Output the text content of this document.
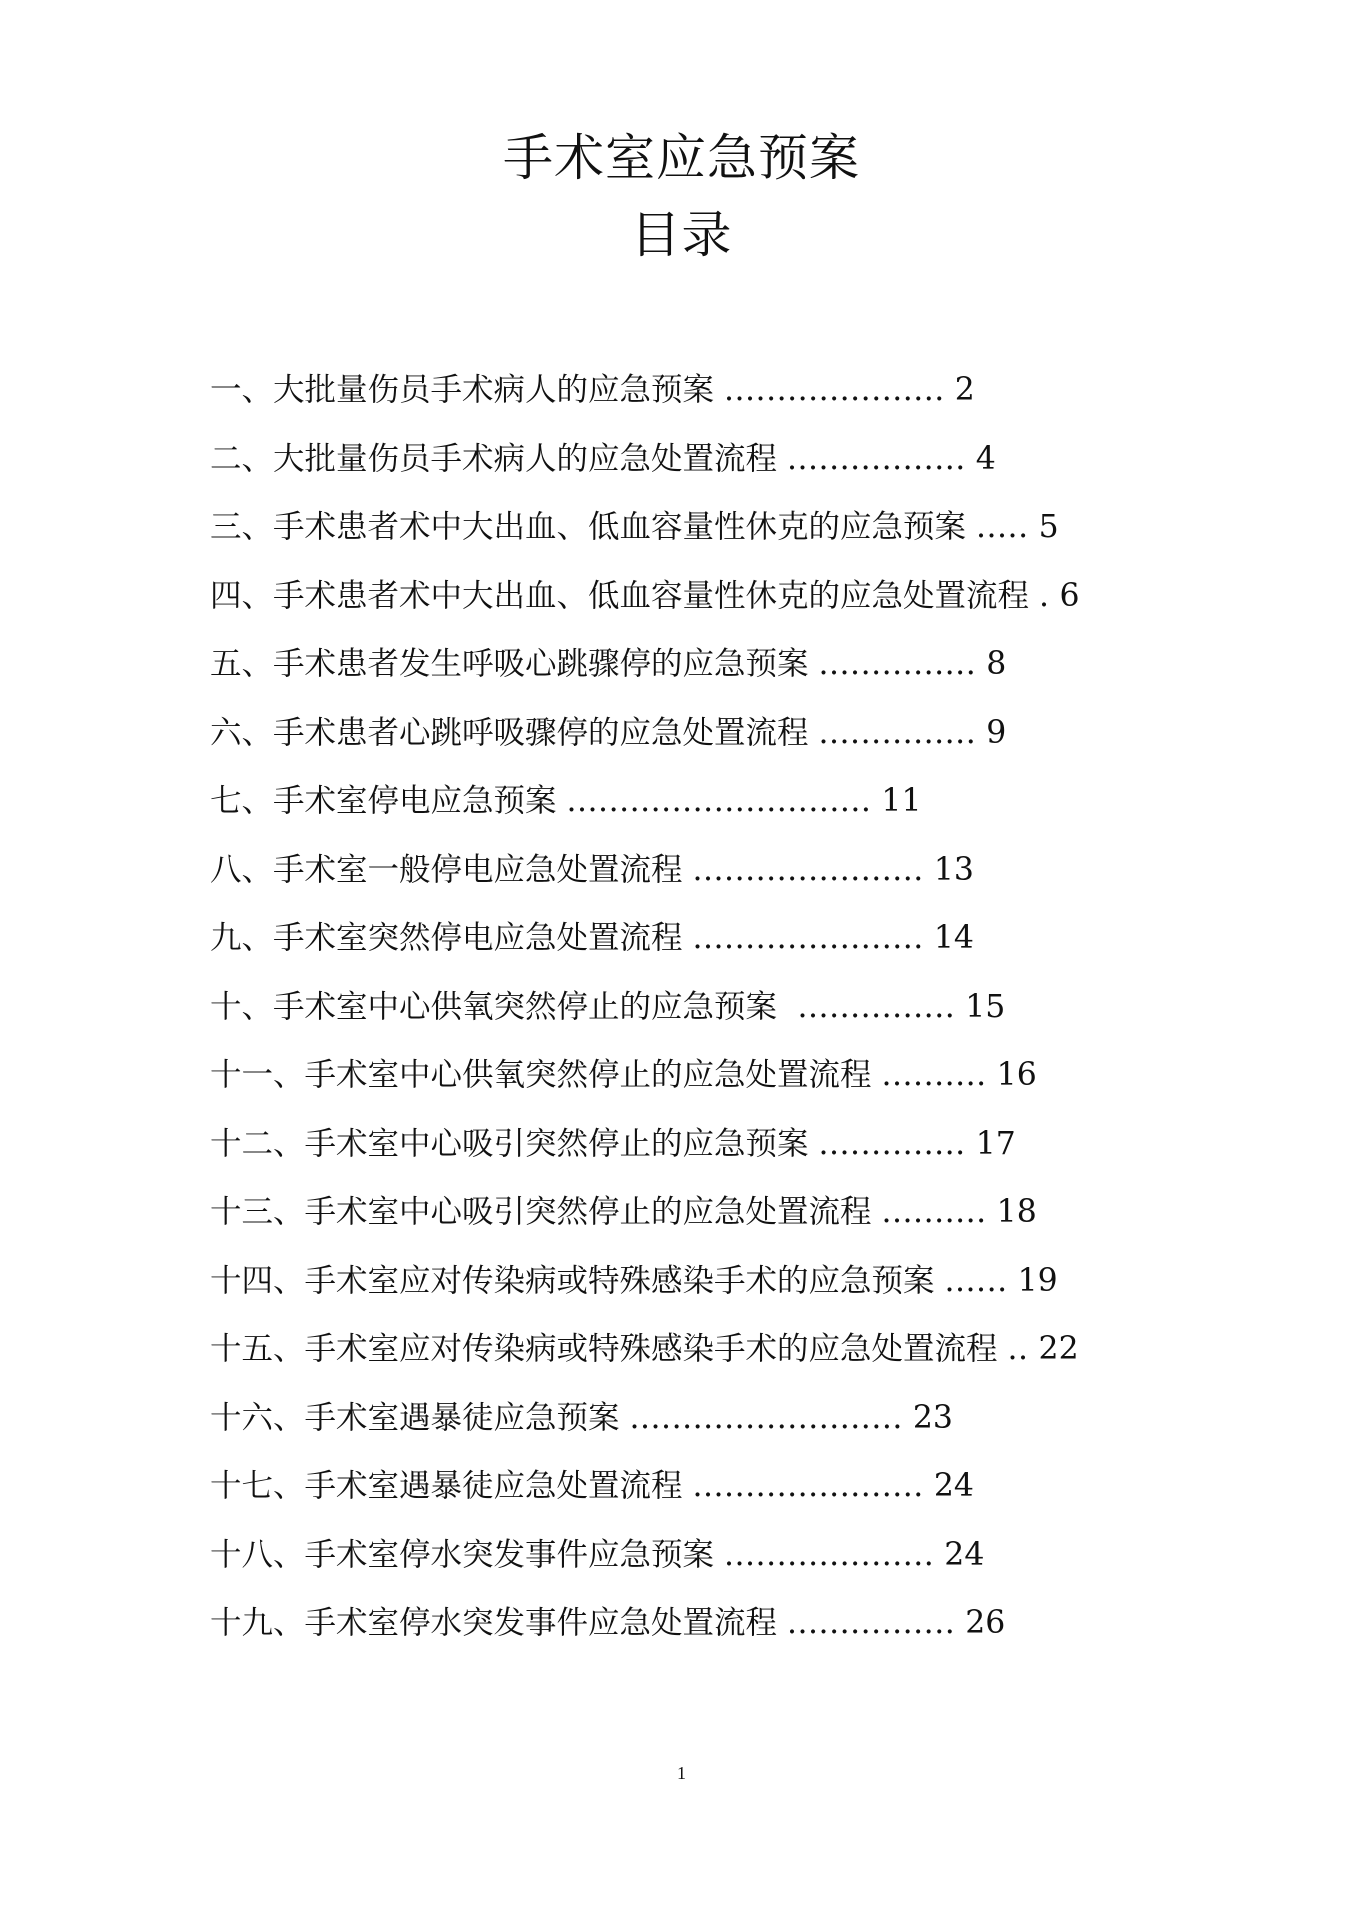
手术室应急预案
目录
一、大批量伤员手术病人的应急预案 ..................... 2
二、大批量伤员手术病人的应急处置流程 ................. 4
三、手术患者术中大出血、低血容量性休克的应急预案 ..... 5
四、手术患者术中大出血、低血容量性休克的应急处置流程 . 6
五、手术患者发生呼吸心跳骤停的应急预案 ............... 8
六、手术患者心跳呼吸骤停的应急处置流程 ............... 9
七、手术室停电应急预案 ............................. 11
八、手术室一般停电应急处置流程 ...................... 13
九、手术室突然停电应急处置流程 ...................... 14
十、手术室中心供氧突然停止的应急预案 ............... 15
十一、手术室中心供氧突然停止的应急处置流程 .......... 16
十二、手术室中心吸引突然停止的应急预案 .............. 17
十三、手术室中心吸引突然停止的应急处置流程 .......... 18
十四、手术室应对传染病或特殊感染手术的应急预案 ...... 19
十五、手术室应对传染病或特殊感染手术的应急处置流程 .. 22
十六、手术室遇暴徒应急预案 .......................... 23
十七、手术室遇暴徒应急处置流程 ...................... 24
十八、手术室停水突发事件应急预案 .................... 24
十九、手术室停水突发事件应急处置流程 ................ 26
1
